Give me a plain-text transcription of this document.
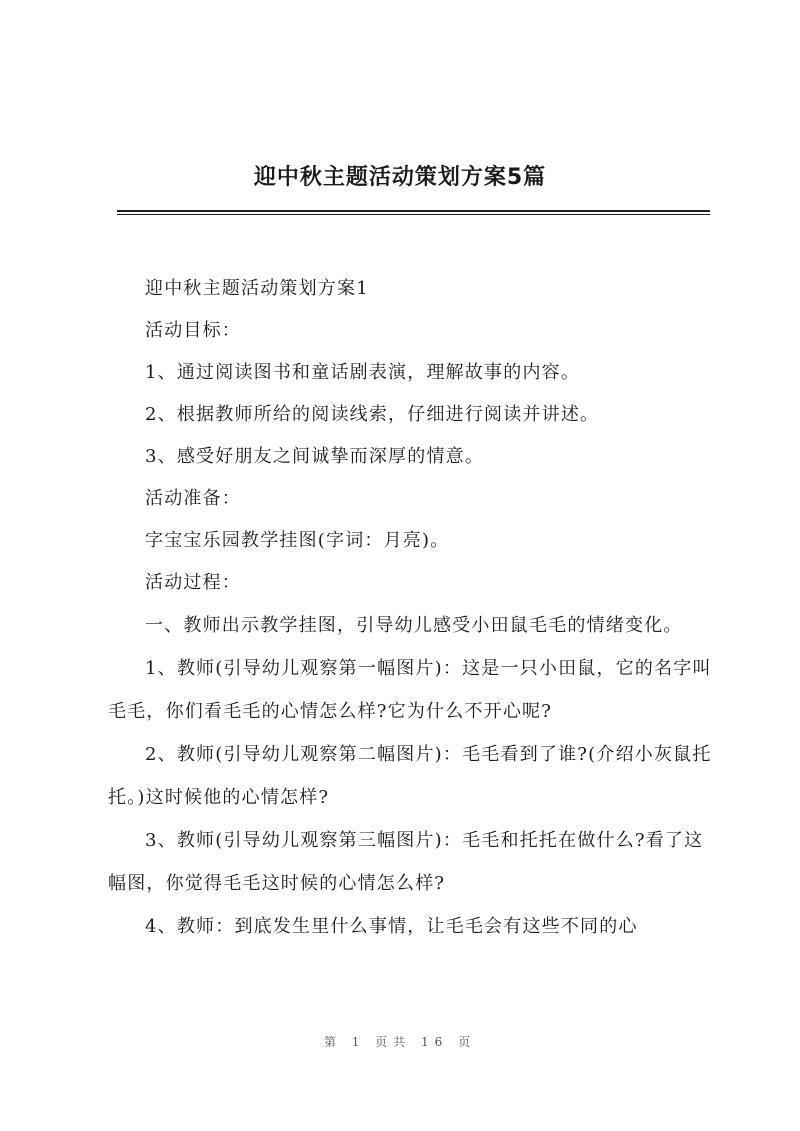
迎中秋主题活动策划方案5篇

迎中秋主题活动策划方案1

活动目标：

1、通过阅读图书和童话剧表演，理解故事的内容。

2、根据教师所给的阅读线索，仔细进行阅读并讲述。

3、感受好朋友之间诚挚而深厚的情意。

活动准备：

字宝宝乐园教学挂图(字词：月亮)。

活动过程：

一、教师出示教学挂图，引导幼儿感受小田鼠毛毛的情绪变化。

1、教师(引导幼儿观察第一幅图片)：这是一只小田鼠，它的名字叫毛毛，你们看毛毛的心情怎么样?它为什么不开心呢?

2、教师(引导幼儿观察第二幅图片)：毛毛看到了谁?(介绍小灰鼠托托。)这时候他的心情怎样?

3、教师(引导幼儿观察第三幅图片)：毛毛和托托在做什么?看了这幅图，你觉得毛毛这时候的心情怎么样?

4、教师：到底发生里什么事情，让毛毛会有这些不同的心

第 1 页共 16 页
